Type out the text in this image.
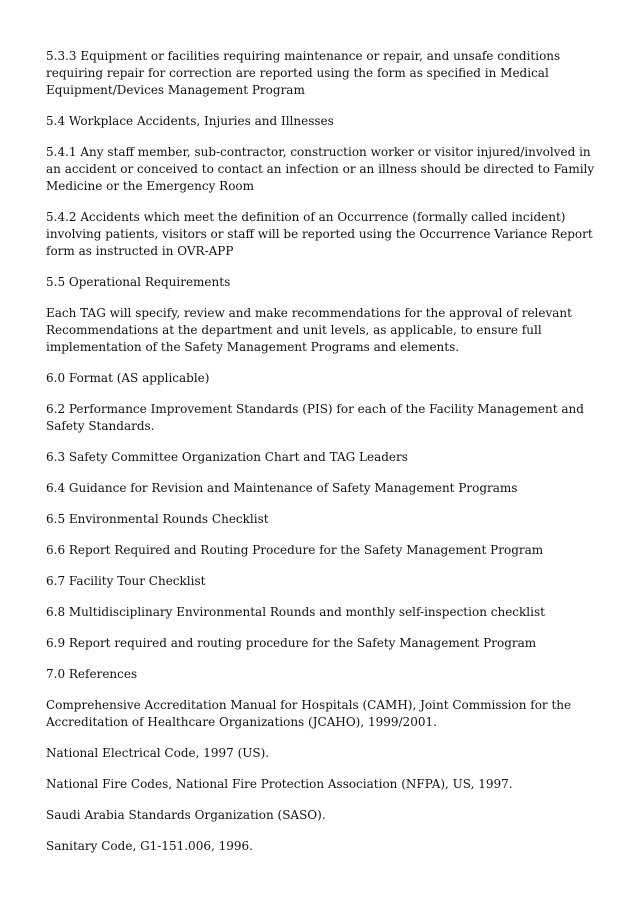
5.3.3 Equipment or facilities requiring maintenance or repair, and unsafe conditions requiring repair for correction are reported using the form as specified in Medical Equipment/Devices Management Program

5.4 Workplace Accidents, Injuries and Illnesses

5.4.1 Any staff member, sub-contractor, construction worker or visitor injured/involved in an accident or conceived to contact an infection or an illness should be directed to Family Medicine or the Emergency Room

5.4.2 Accidents which meet the definition of an Occurrence (formally called incident) involving patients, visitors or staff will be reported using the Occurrence Variance Report form as instructed in OVR-APP

5.5 Operational Requirements

Each TAG will specify, review and make recommendations for the approval of relevant Recommendations at the department and unit levels, as applicable, to ensure full implementation of the Safety Management Programs and elements.

6.0 Format (AS applicable)

6.2 Performance Improvement Standards (PIS) for each of the Facility Management and Safety Standards.

6.3 Safety Committee Organization Chart and TAG Leaders

6.4 Guidance for Revision and Maintenance of Safety Management Programs

6.5 Environmental Rounds Checklist

6.6 Report Required and Routing Procedure for the Safety Management Program

6.7 Facility Tour Checklist

6.8 Multidisciplinary Environmental Rounds and monthly self-inspection checklist

6.9 Report required and routing procedure for the Safety Management Program

7.0 References

Comprehensive Accreditation Manual for Hospitals (CAMH), Joint Commission for the Accreditation of Healthcare Organizations (JCAHO), 1999/2001.

National Electrical Code, 1997 (US).

National Fire Codes, National Fire Protection Association (NFPA), US, 1997.

Saudi Arabia Standards Organization (SASO).

Sanitary Code, G1-151.006, 1996.
